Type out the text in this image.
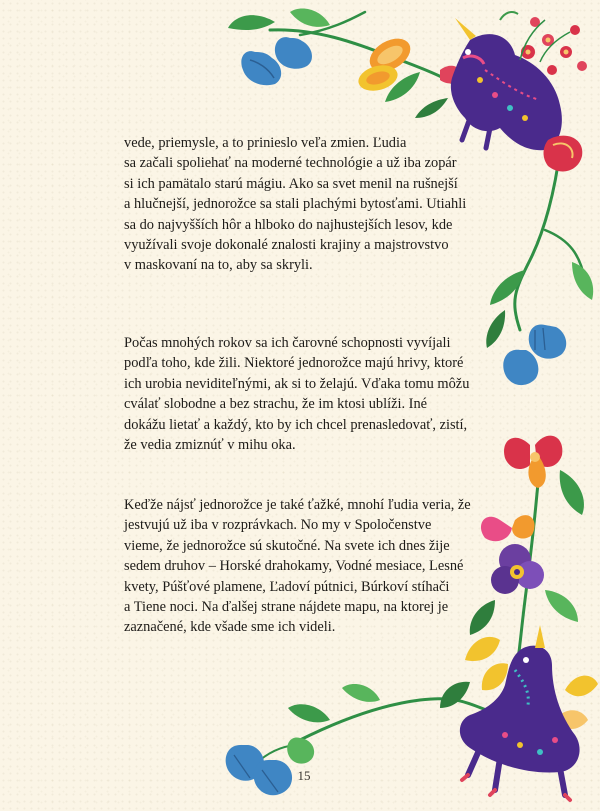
vede, priemysle, a to prinieslo veľa zmien. Ľudia
sa začali spoliehať na moderné technológie a už iba zopár
si ich pamätalo starú mágiu. Ako sa svet menil na rušnejší
a hlučnejší, jednorožce sa stali plachými bytosťami. Utiahli
sa do najvyšších hôr a hlboko do najhustejších lesov, kde
využívali svoje dokonalé znalosti krajiny a majstrovstvo
v maskovaní na to, aby sa skryli.

Počas mnohých rokov sa ich čarovné schopnosti vyvíjali
podľa toho, kde žili. Niektoré jednorožce majú hrivy, ktoré
ich urobia neviditeľnými, ak si to želajú. Vďaka tomu môžu
cválať slobodne a bez strachu, že im ktosi ublíži. Iné
dokážu lietať a každý, kto by ich chcel prenasledovať, zistí,
že vedia zmiznúť v mihu oka.

Keďže nájsť jednorožce je také ťažké, mnohí ľudia veria, že
jestvujú už iba v rozprávkach. No my v Spoločenstve
vieme, že jednorožce sú skutočné. Na svete ich dnes žije
sedem druhov – Horské drahokamy, Vodné mesiace, Lesné
kvety, Púšťové plamene, Ľadoví pútnici, Búrkoví stíhači
a Tiene noci. Na ďalšej strane nájdete mapu, na ktorej je
zaznačené, kde všade sme ich videli.

15
